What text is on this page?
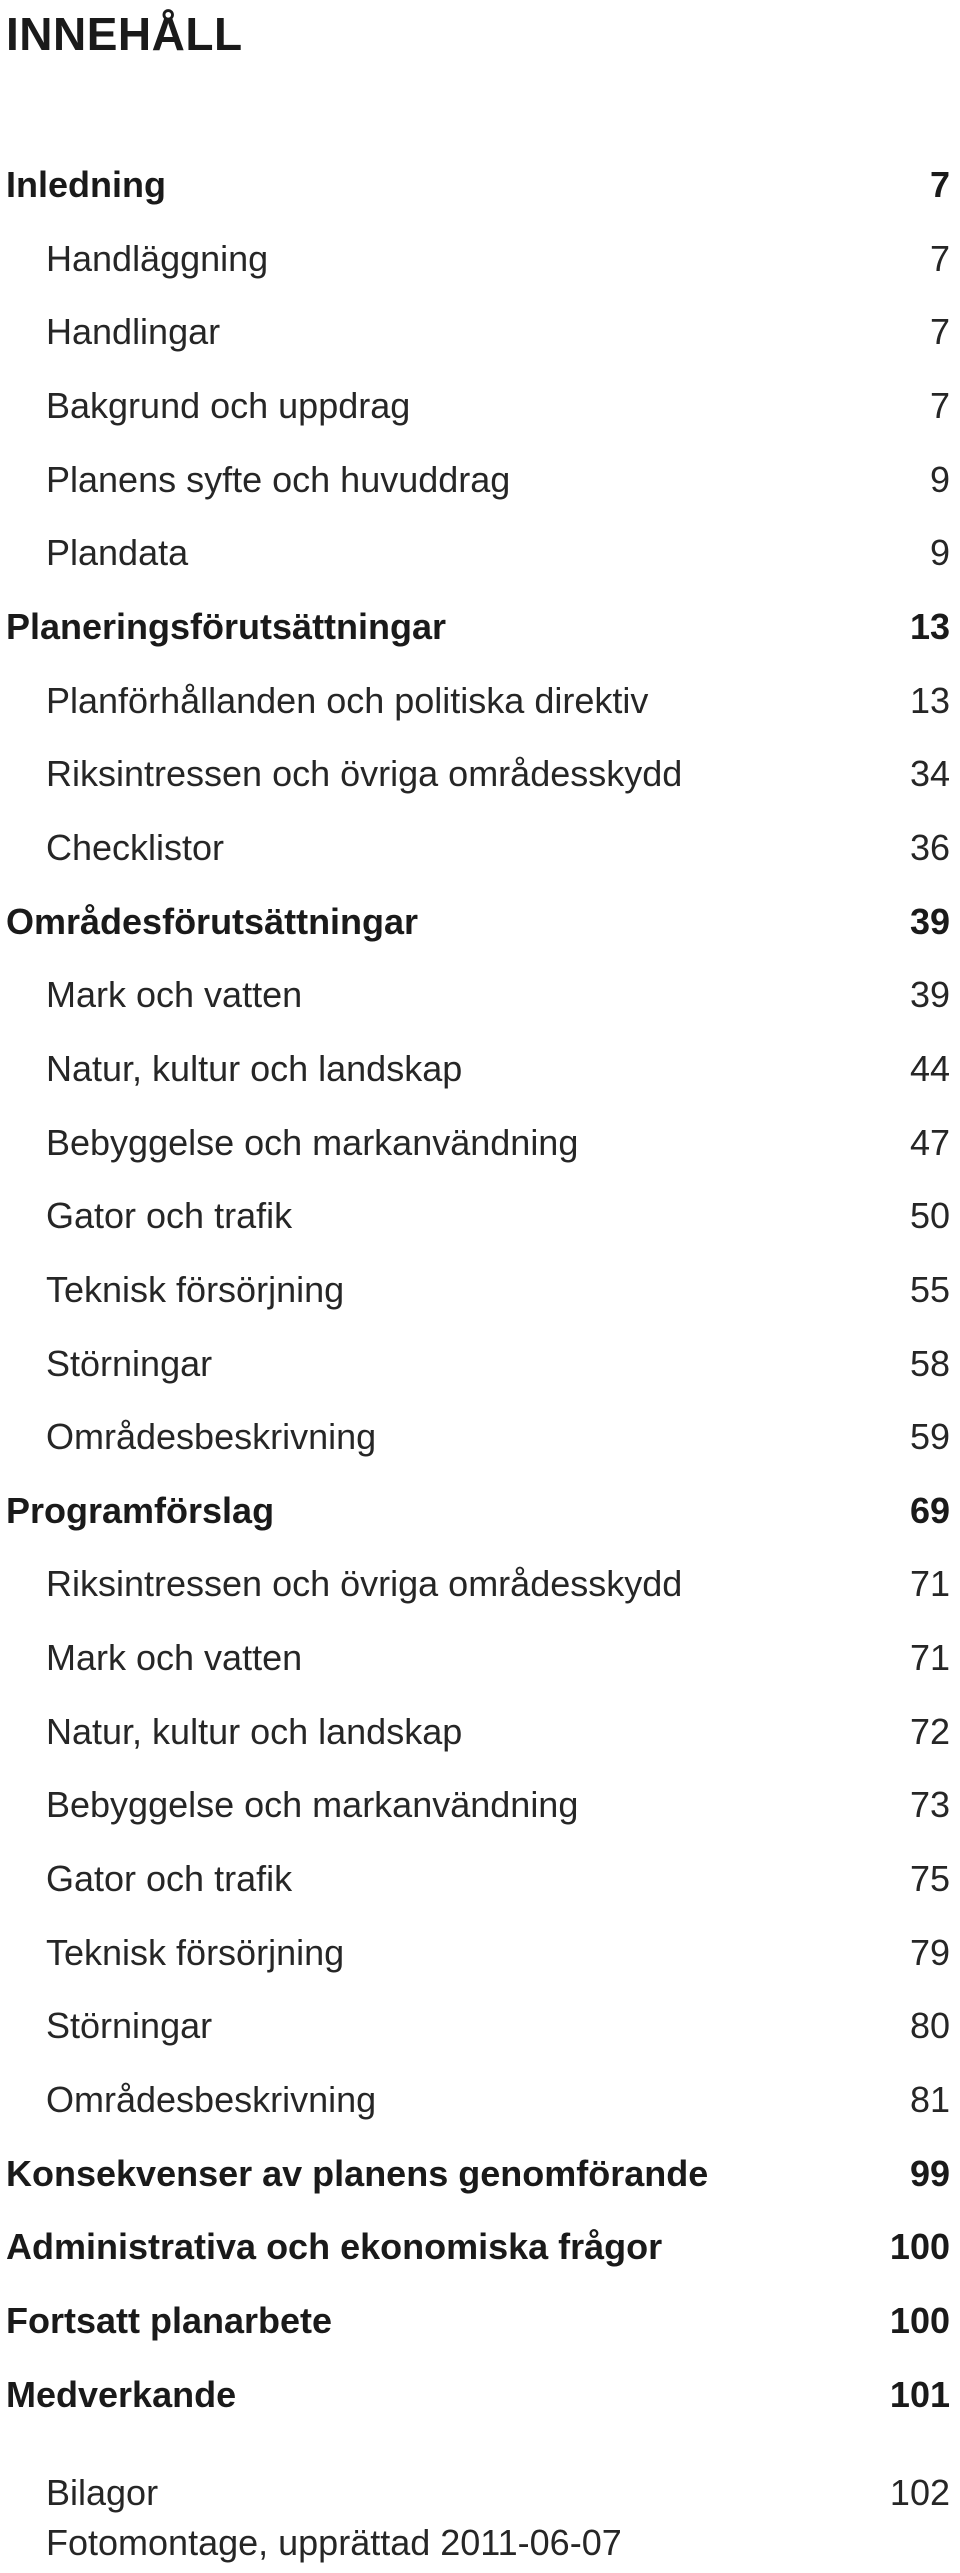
INNEHÅLL
Inledning	7
Handläggning	7
Handlingar	7
Bakgrund och uppdrag	7
Planens syfte och huvuddrag	9
Plandata	9
Planeringsförutsättningar	13
Planförhållanden och politiska direktiv	13
Riksintressen och övriga områdesskydd	34
Checklistor	36
Områdesförutsättningar	39
Mark och vatten	39
Natur, kultur och landskap	44
Bebyggelse och markanvändning	47
Gator och trafik	50
Teknisk försörjning	55
Störningar	58
Områdesbeskrivning	59
Programförslag	69
Riksintressen och övriga områdesskydd	71
Mark och vatten	71
Natur, kultur och landskap	72
Bebyggelse och markanvändning	73
Gator och trafik	75
Teknisk försörjning	79
Störningar	80
Områdesbeskrivning	81
Konsekvenser av planens genomförande	99
Administrativa och ekonomiska frågor	100
Fortsatt planarbete	100
Medverkande	101
Bilagor	102
Fotomontage, upprättad 2011-06-07
